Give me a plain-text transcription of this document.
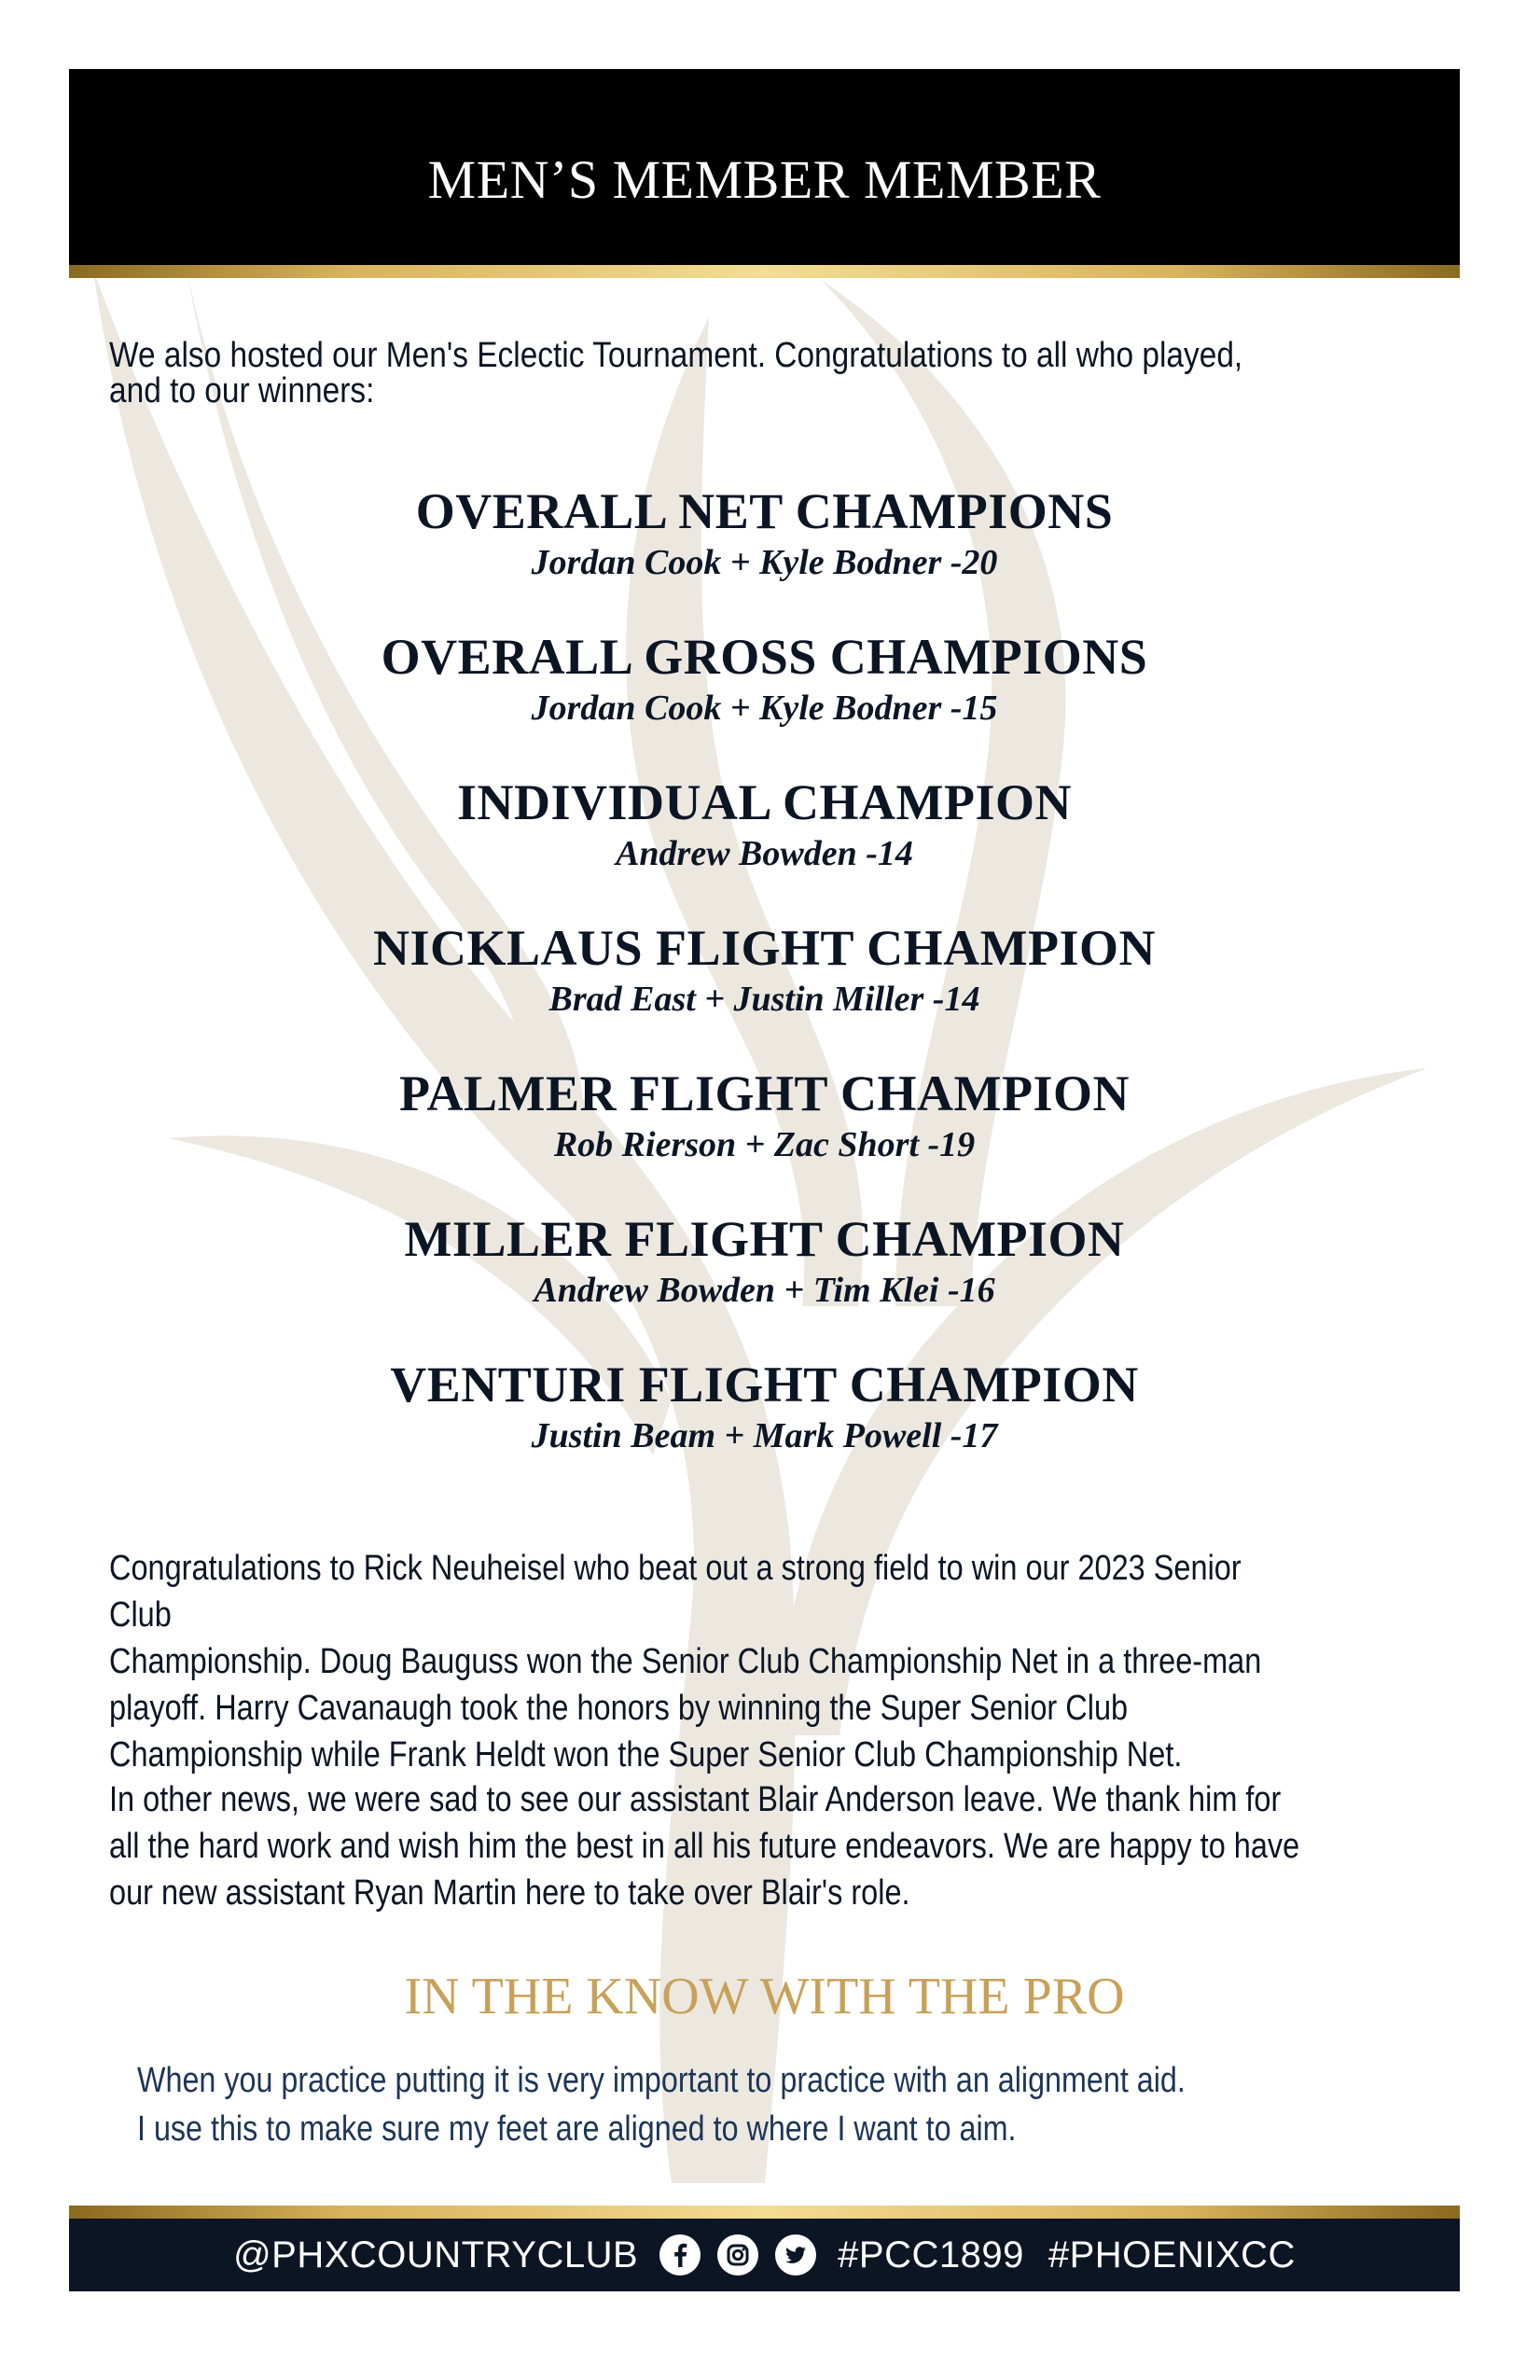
MEN’S MEMBER MEMBER
We also hosted our Men's Eclectic Tournament. Congratulations to all who played, and to our winners:
OVERALL NET CHAMPIONS
Jordan Cook + Kyle Bodner -20
OVERALL GROSS CHAMPIONS
Jordan Cook + Kyle Bodner -15
INDIVIDUAL CHAMPION
Andrew Bowden -14
NICKLAUS FLIGHT CHAMPION
Brad East + Justin Miller -14
PALMER FLIGHT CHAMPION
Rob Rierson + Zac Short -19
MILLER FLIGHT CHAMPION
Andrew Bowden + Tim Klei -16
VENTURI FLIGHT CHAMPION
Justin Beam + Mark Powell -17
Congratulations to Rick Neuheisel who beat out a strong field to win our 2023 Senior Club
Championship. Doug Bauguss won the Senior Club Championship Net in a three-man
playoff. Harry Cavanaugh took the honors by winning the Super Senior Club
Championship while Frank Heldt won the Super Senior Club Championship Net.
In other news, we were sad to see our assistant Blair Anderson leave. We thank him for
all the hard work and wish him the best in all his future endeavors. We are happy to have
our new assistant Ryan Martin here to take over Blair's role.
IN THE KNOW WITH THE PRO
When you practice putting it is very important to practice with an alignment aid.
I use this to make sure my feet are aligned to where I want to aim.
@PHXCOUNTRYCLUB	#PCC1899 #PHOENIXCC
